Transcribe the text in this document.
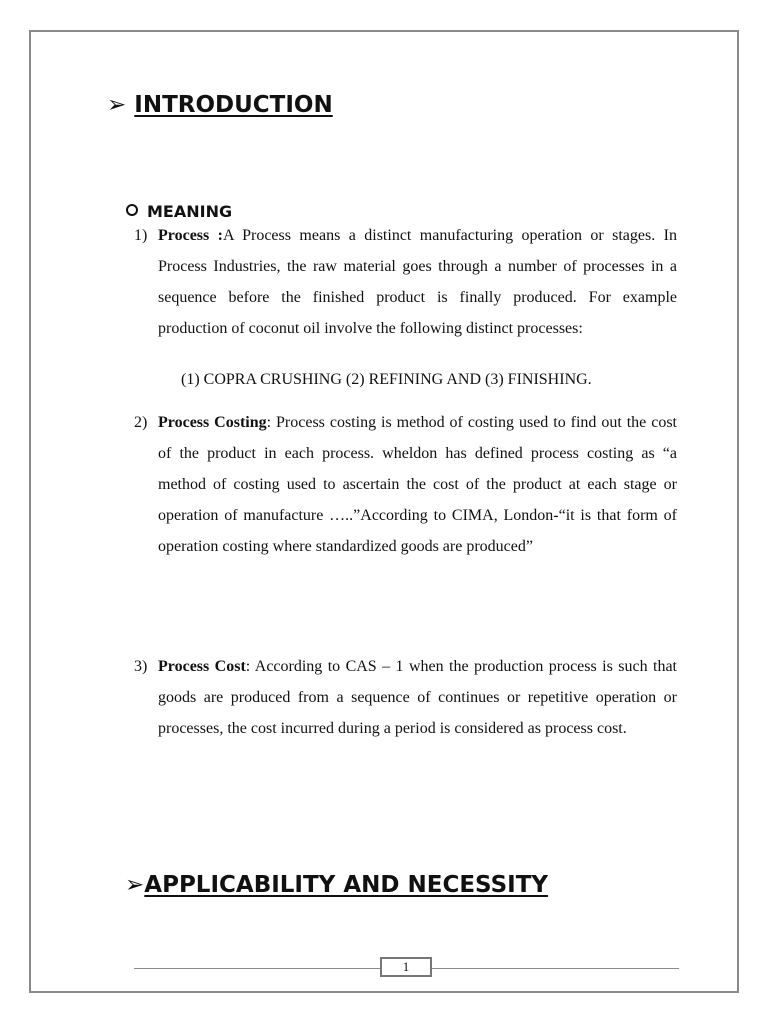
➢ INTRODUCTION
MEANING
1) Process :A Process means a distinct manufacturing operation or stages. In Process Industries, the raw material goes through a number of processes in a sequence before the finished product is finally produced. For example production of coconut oil involve the following distinct processes:
(1) COPRA CRUSHING (2) REFINING AND (3) FINISHING.
2) Process Costing: Process costing is method of costing used to find out the cost of the product in each process. wheldon has defined process costing as “a method of costing used to ascertain the cost of the product at each stage or operation of manufacture …..”According to CIMA, London-“it is that form of operation costing where standardized goods are produced”
3) Process Cost: According to CAS – 1 when the production process is such that goods are produced from a sequence of continues or repetitive operation or processes, the cost incurred during a period is considered as process cost.
➢APPLICABILITY AND NECESSITY
1
